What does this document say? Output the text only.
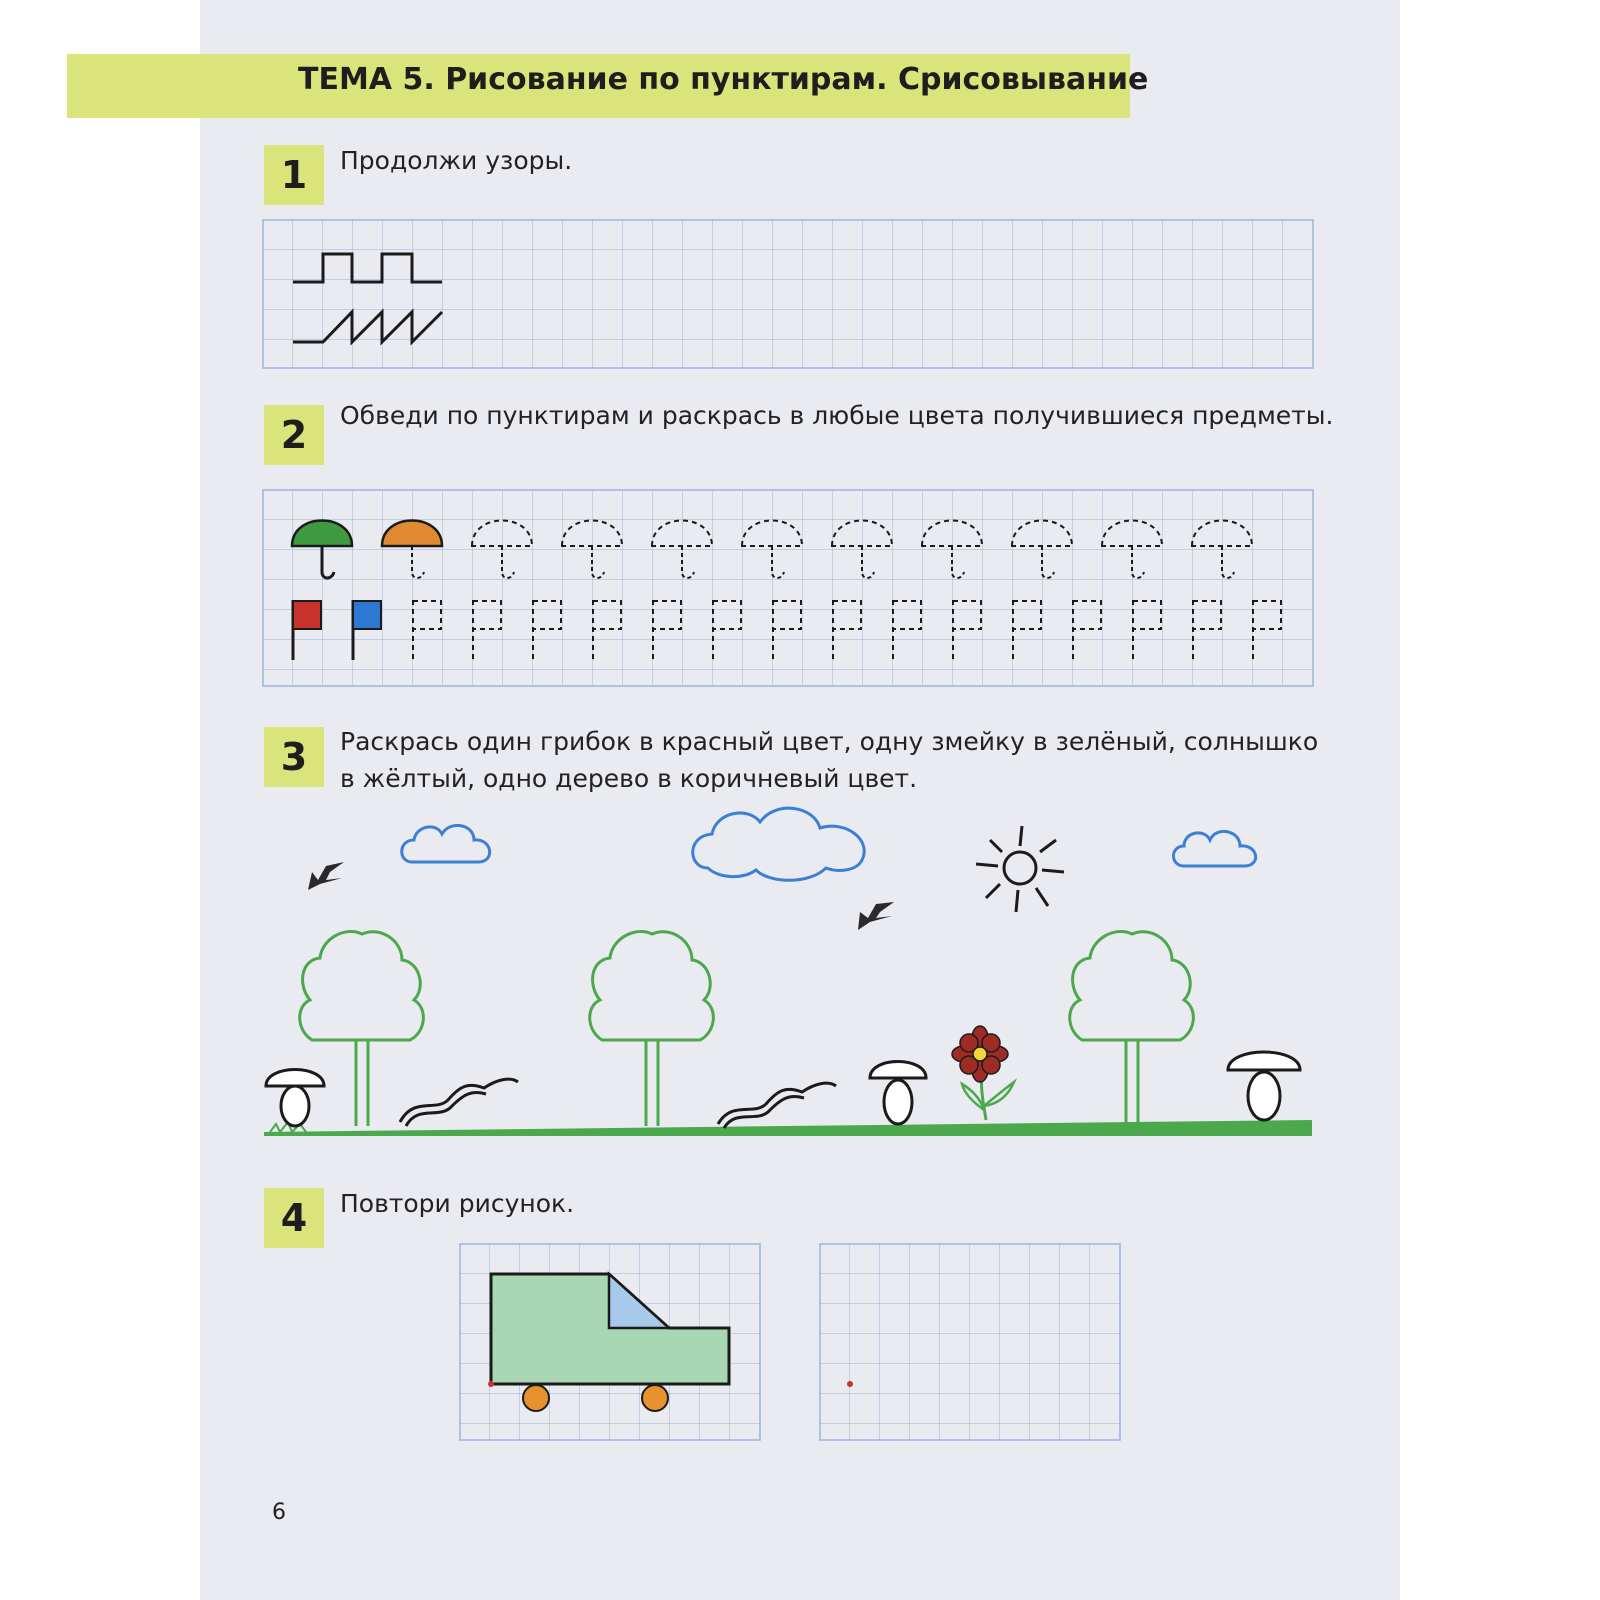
ТЕМА 5. Рисование по пунктирам. Срисовывание
1	Продолжи узоры.
2	Обведи по пунктирам и раскрась в любые цвета получившиеся предметы.
3	Раскрась один грибок в красный цвет, одну змейку в зелёный, солнышко
в жёлтый, одно дерево в коричневый цвет.
4	Повтори рисунок.
6
